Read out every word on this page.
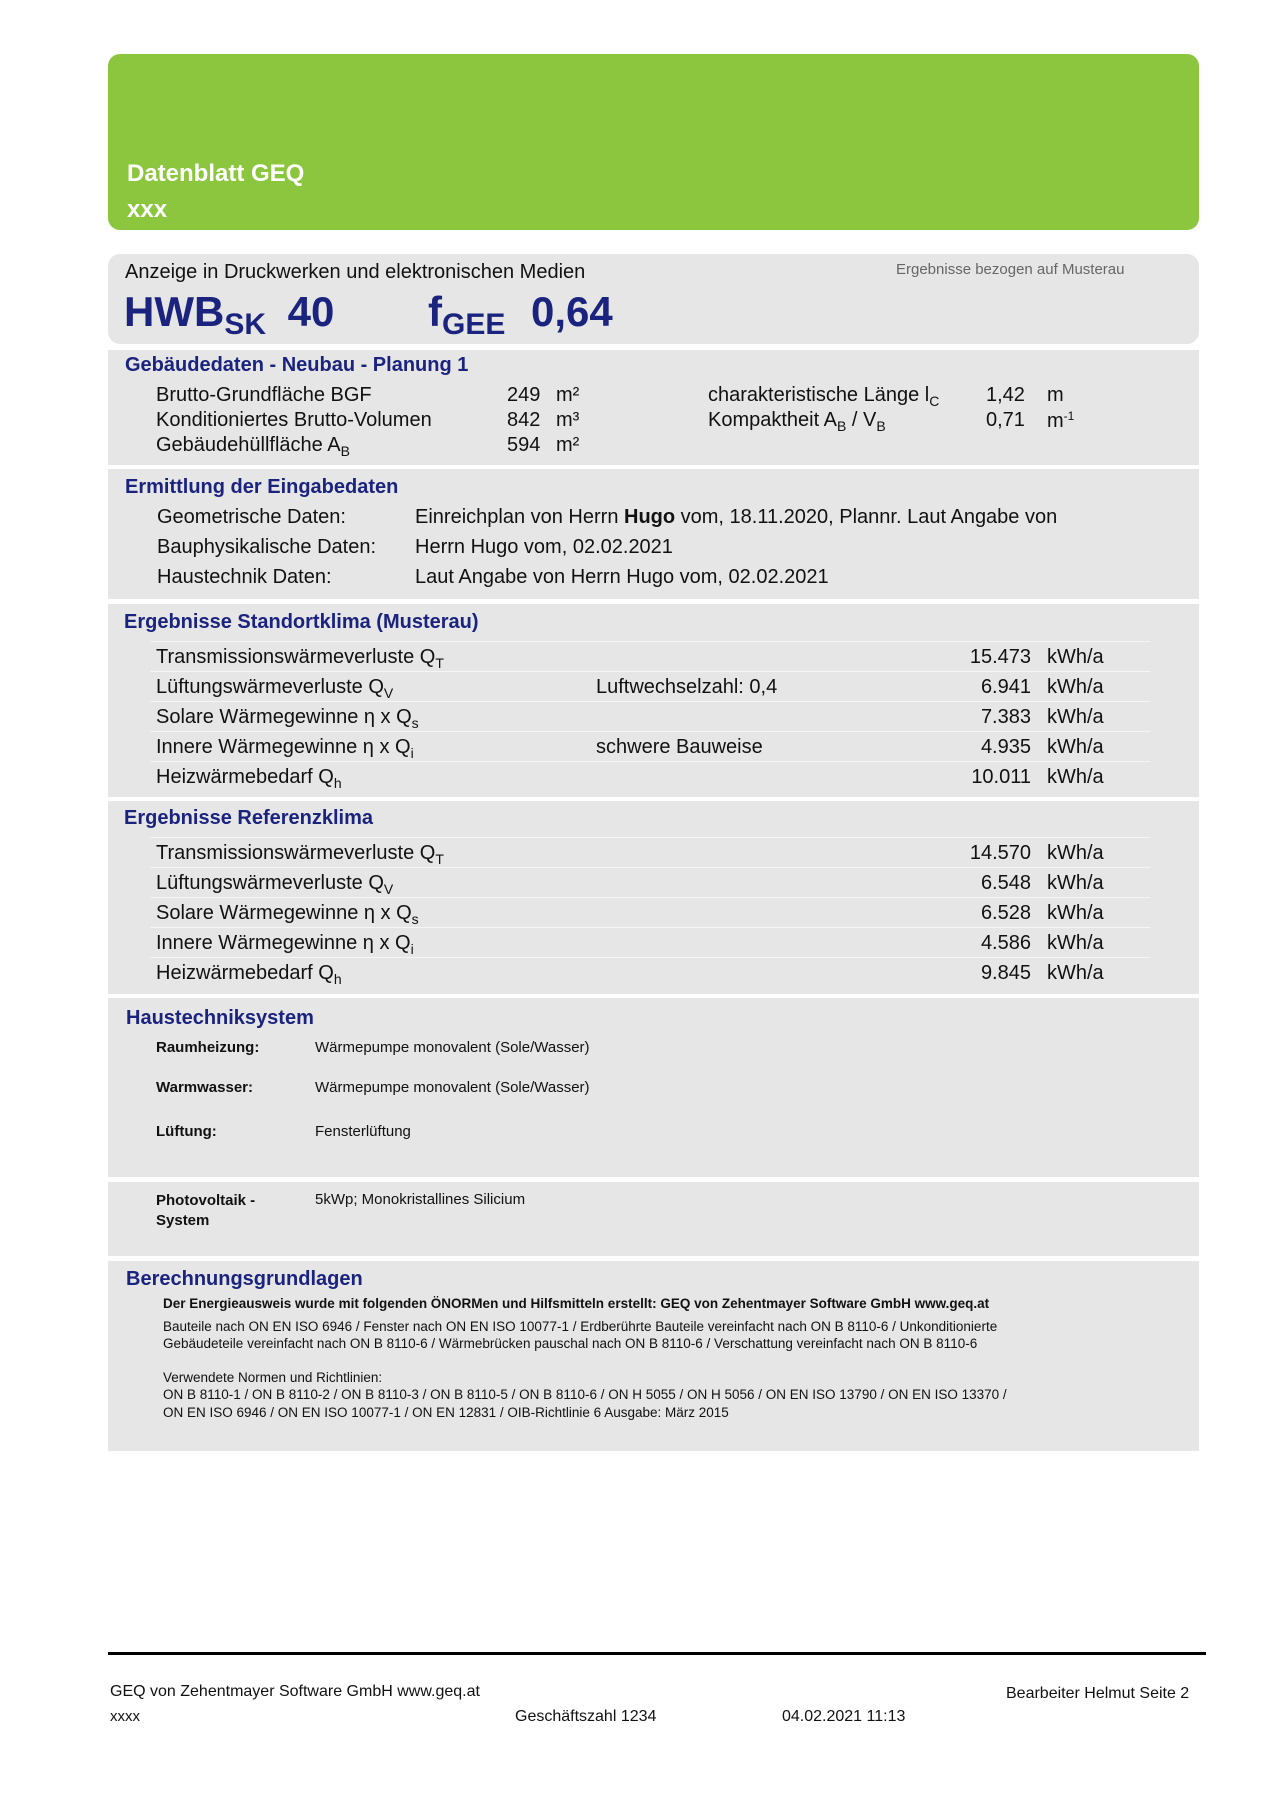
Datenblatt GEQ
xxx
Anzeige in Druckwerken und elektronischen Medien	Ergebnisse bezogen auf Musterau
HWBSK 40 fGEE 0,64
Gebäudedaten - Neubau - Planung 1
Brutto-Grundfläche BGF	249 m²
Konditioniertes Brutto-Volumen	842 m³
Gebäudehüllfläche $A_B$	594 m²
charakteristische Länge $l_C$ 1,42 m
Kompaktheit $A_B / V_B$	0,71 $m^{-1}$
Ermittlung der Eingabedaten
Geometrische Daten:	Einreichplan von Herrn Hugo vom, 18.11.2020, Plannr. Laut Angabe von
Bauphysikalische Daten: Herrn Hugo vom, 02.02.2021
Haustechnik Daten:	Laut Angabe von Herrn Hugo vom, 02.02.2021
Ergebnisse Standortklima (Musterau)
Transmissionswärmeverluste $Q_T$	15.473 kWh/a
Lüftungswärmeverluste $Q_V$	Luftwechselzahl: 0,4	6.941 kWh/a
Solare Wärmegewinne η x $Q_s$	7.383 kWh/a
Innere Wärmegewinne η x $Q_i$	schwere Bauweise	4.935 kWh/a
Heizwärmebedarf $Q_h$	10.011 kWh/a
Ergebnisse Referenzklima
Transmissionswärmeverluste $Q_T$	14.570 kWh/a
Lüftungswärmeverluste $Q_V$	6.548 kWh/a
Solare Wärmegewinne η x $Q_s$	6.528 kWh/a
Innere Wärmegewinne η x $Q_i$	4.586 kWh/a
Heizwärmebedarf $Q_h$	9.845 kWh/a
Haustechniksystem
Raumheizung:	Wärmepumpe monovalent (Sole/Wasser)
Warmwasser:	Wärmepumpe monovalent (Sole/Wasser)
Lüftung:	Fensterlüftung
Photovoltaik -
System
5kWp; Monokristallines Silicium
Berechnungsgrundlagen
Der Energieausweis wurde mit folgenden ÖNORMen und Hilfsmitteln erstellt: GEQ von Zehentmayer Software GmbH www.geq.at
Bauteile nach ON EN ISO 6946 / Fenster nach ON EN ISO 10077-1 / Erdberührte Bauteile vereinfacht nach ON B 8110-6 / Unkonditionierte
Gebäudeteile vereinfacht nach ON B 8110-6 / Wärmebrücken pauschal nach ON B 8110-6 / Verschattung vereinfacht nach ON B 8110-6
Verwendete Normen und Richtlinien:
ON B 8110-1 / ON B 8110-2 / ON B 8110-3 / ON B 8110-5 / ON B 8110-6 / ON H 5055 / ON H 5056 / ON EN ISO 13790 / ON EN ISO 13370 /
ON EN ISO 6946 / ON EN ISO 10077-1 / ON EN 12831 / OIB-Richtlinie 6 Ausgabe: März 2015
GEQ von Zehentmayer Software GmbH www.geq.at	Bearbeiter Helmut Seite 2
xxxx	Geschäftszahl 1234	04.02.2021 11:13
